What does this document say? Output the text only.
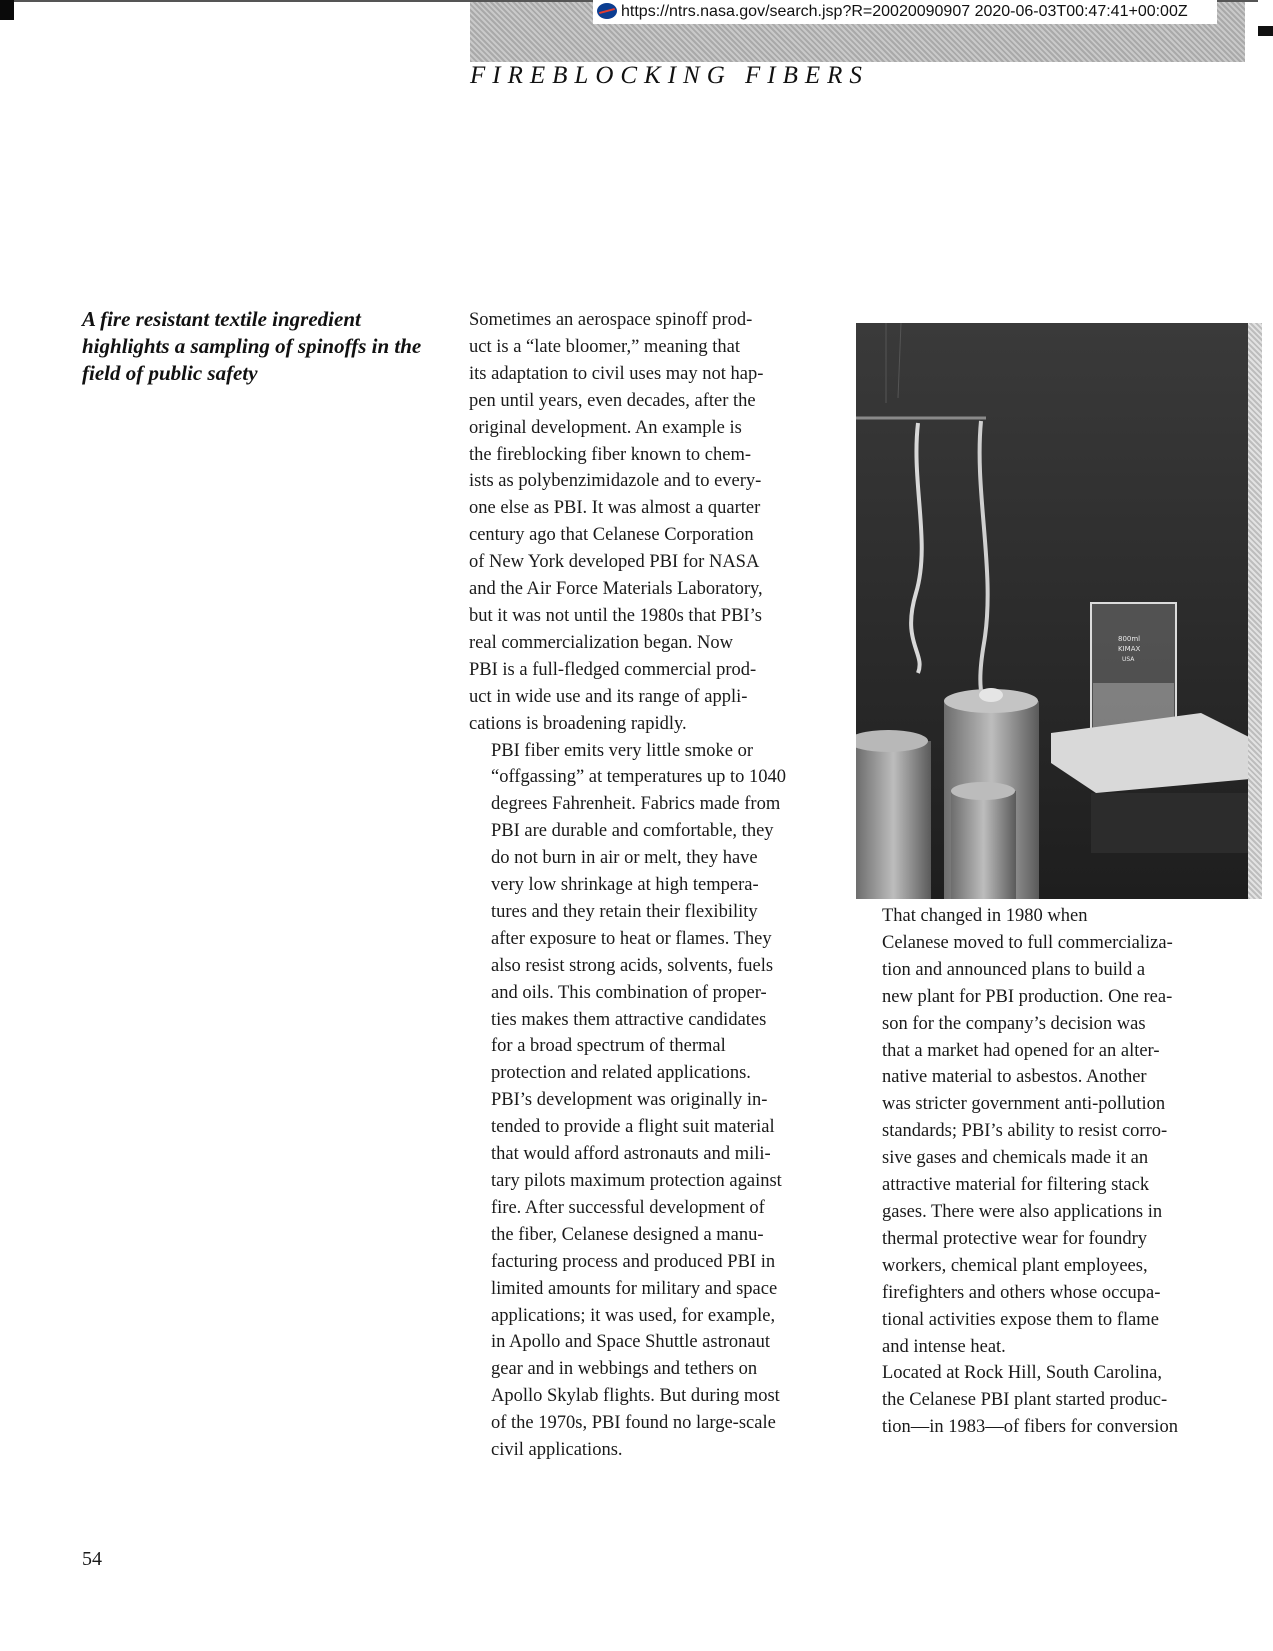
https://ntrs.nasa.gov/search.jsp?R=20020090907 2020-06-03T00:47:41+00:00Z
FIREBLOCKING FIBERS
A fire resistant textile ingredient highlights a sampling of spinoffs in the field of public safety

Sometimes an aerospace spinoff prod-
uct is a “late bloomer,” meaning that
its adaptation to civil uses may not hap-
pen until years, even decades, after the
original development. An example is
the fireblocking fiber known to chem-
ists as polybenzimidazole and to every-
one else as PBI. It was almost a quarter
century ago that Celanese Corporation
of New York developed PBI for NASA
and the Air Force Materials Laboratory,
but it was not until the 1980s that PBI’s
real commercialization began. Now
PBI is a full-fledged commercial prod-
uct in wide use and its range of appli-
cations is broadening rapidly.

PBI fiber emits very little smoke or
“offgassing” at temperatures up to 1040
degrees Fahrenheit. Fabrics made from
PBI are durable and comfortable, they
do not burn in air or melt, they have
very low shrinkage at high tempera-
tures and they retain their flexibility
after exposure to heat or flames. They
also resist strong acids, solvents, fuels
and oils. This combination of proper-
ties makes them attractive candidates
for a broad spectrum of thermal
protection and related applications.

PBI’s development was originally in-
tended to provide a flight suit material
that would afford astronauts and mili-
tary pilots maximum protection against
fire. After successful development of
the fiber, Celanese designed a manu-
facturing process and produced PBI in
limited amounts for military and space
applications; it was used, for example,
in Apollo and Space Shuttle astronaut
gear and in webbings and tethers on
Apollo Skylab flights. But during most
of the 1970s, PBI found no large-scale
civil applications.

800ml
KIMAX
USA

That changed in 1980 when
Celanese moved to full commercializa-
tion and announced plans to build a
new plant for PBI production. One rea-
son for the company’s decision was
that a market had opened for an alter-
native material to asbestos. Another
was stricter government anti-pollution
standards; PBI’s ability to resist corro-
sive gases and chemicals made it an
attractive material for filtering stack
gases. There were also applications in
thermal protective wear for foundry
workers, chemical plant employees,
firefighters and others whose occupa-
tional activities expose them to flame
and intense heat.

Located at Rock Hill, South Carolina,
the Celanese PBI plant started produc-
tion—in 1983—of fibers for conversion

54
